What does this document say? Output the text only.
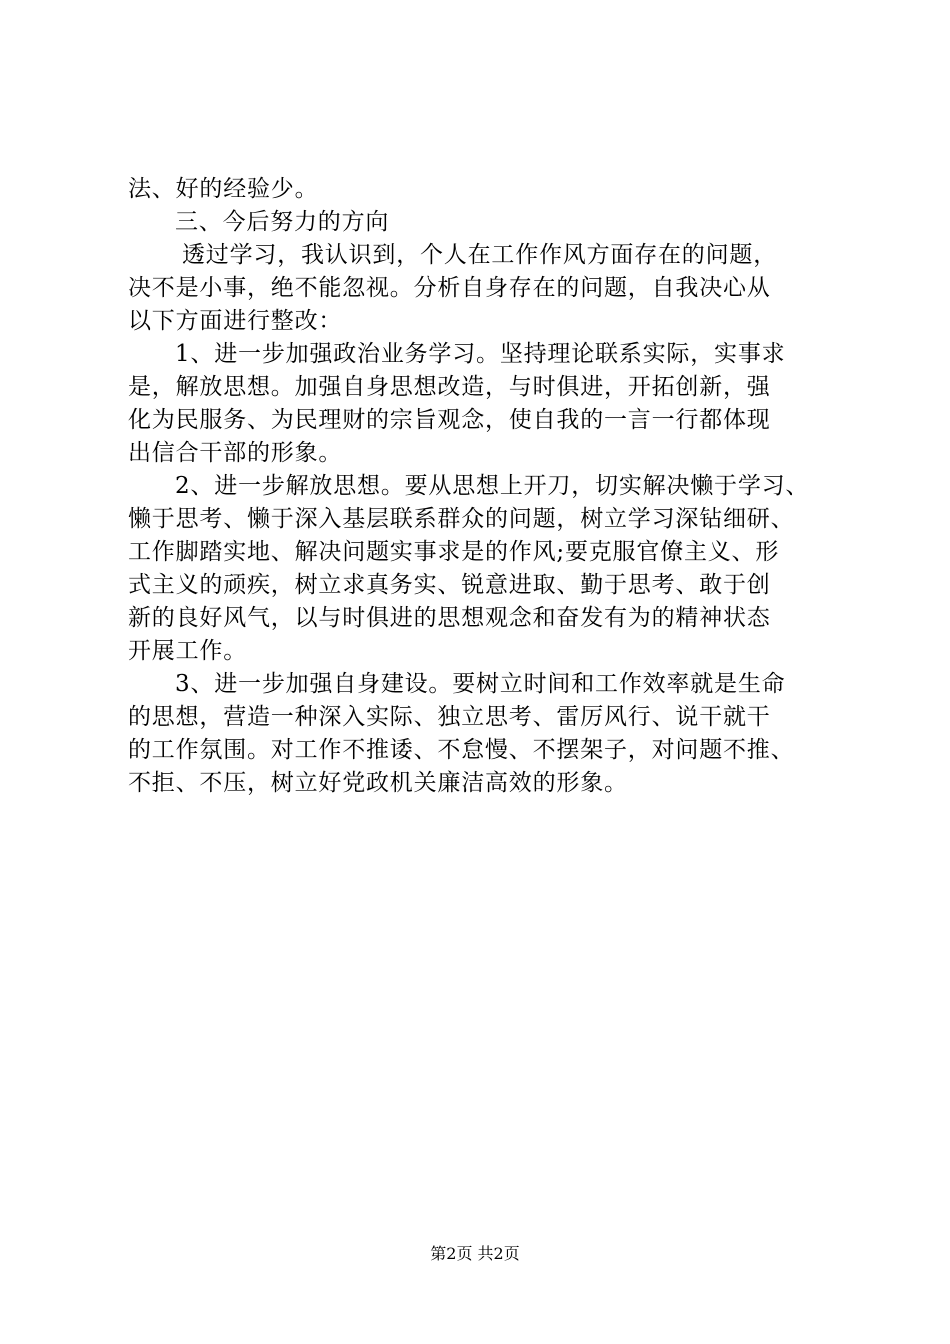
法、好的经验少。
三、今后努力的方向
透过学习，我认识到，个人在工作作风方面存在的问题，
决不是小事，绝不能忽视。分析自身存在的问题，自我决心从
以下方面进行整改：
1、进一步加强政治业务学习。坚持理论联系实际，实事求
是，解放思想。加强自身思想改造，与时俱进，开拓创新，强
化为民服务、为民理财的宗旨观念，使自我的一言一行都体现
出信合干部的形象。
2、进一步解放思想。要从思想上开刀，切实解决懒于学习、
懒于思考、懒于深入基层联系群众的问题，树立学习深钻细研、
工作脚踏实地、解决问题实事求是的作风;要克服官僚主义、形
式主义的顽疾，树立求真务实、锐意进取、勤于思考、敢于创
新的良好风气，以与时俱进的思想观念和奋发有为的精神状态
开展工作。
3、进一步加强自身建设。要树立时间和工作效率就是生命
的思想，营造一种深入实际、独立思考、雷厉风行、说干就干
的工作氛围。对工作不推诿、不怠慢、不摆架子，对问题不推、
不拒、不压，树立好党政机关廉洁高效的形象。
第2页 共2页
